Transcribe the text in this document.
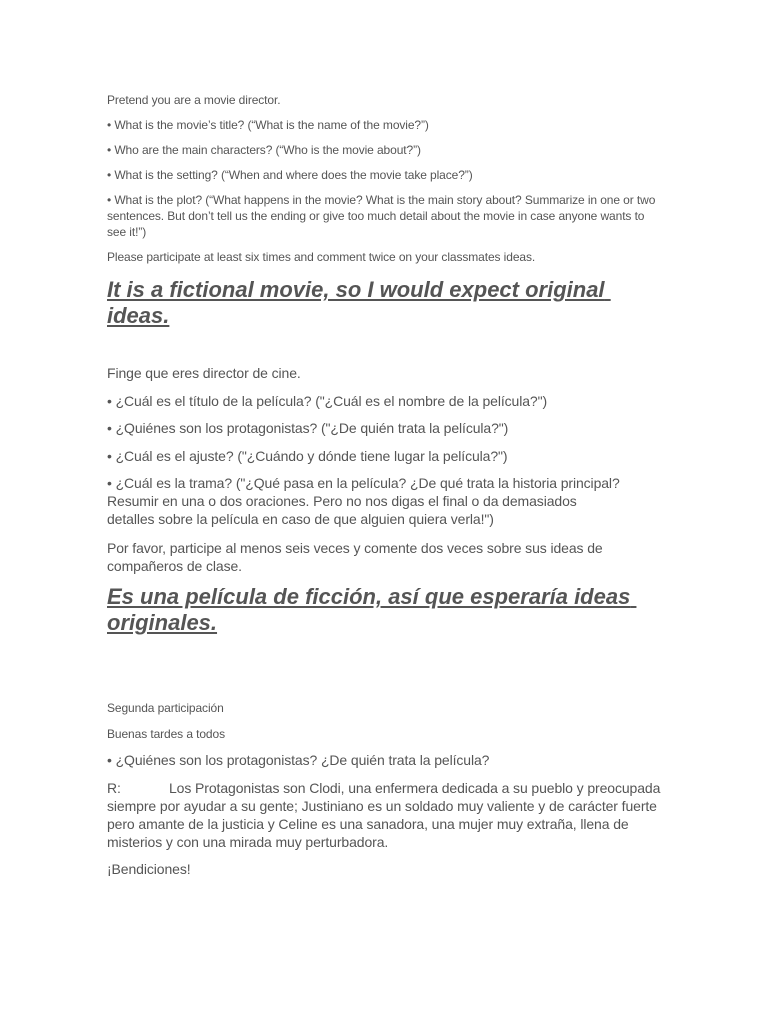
Pretend you are a movie director.

• What is the movie’s title? (“What is the name of the movie?”)

• Who are the main characters? (“Who is the movie about?”)

• What is the setting? (“When and where does the movie take place?”)

• What is the plot? (“What happens in the movie? What is the main story about? Summarize in one or two sentences. But don’t tell us the ending or give too much detail about the movie in case anyone wants to see it!”)

Please participate at least six times and comment twice on your classmates ideas.

It is a fictional movie, so I would expect original ideas.

Finge que eres director de cine.

• ¿Cuál es el título de la película? ("¿Cuál es el nombre de la película?")

• ¿Quiénes son los protagonistas? ("¿De quién trata la película?")

• ¿Cuál es el ajuste? ("¿Cuándo y dónde tiene lugar la película?")

• ¿Cuál es la trama? ("¿Qué pasa en la película? ¿De qué trata la historia principal? Resumir en una o dos oraciones. Pero no nos digas el final o da demasiados detalles sobre la película en caso de que alguien quiera verla!")

Por favor, participe al menos seis veces y comente dos veces sobre sus ideas de compañeros de clase.

Es una película de ficción, así que esperaría ideas originales.

Segunda participación

Buenas tardes a todos

• ¿Quiénes son los protagonistas? ¿De quién trata la película?

R:	Los Protagonistas son Clodi, una enfermera dedicada a su pueblo y preocupada siempre por ayudar a su gente; Justiniano es un soldado muy valiente y de carácter fuerte pero amante de la justicia y Celine es una sanadora, una mujer muy extraña, llena de misterios y con una mirada muy perturbadora.

¡Bendiciones!
